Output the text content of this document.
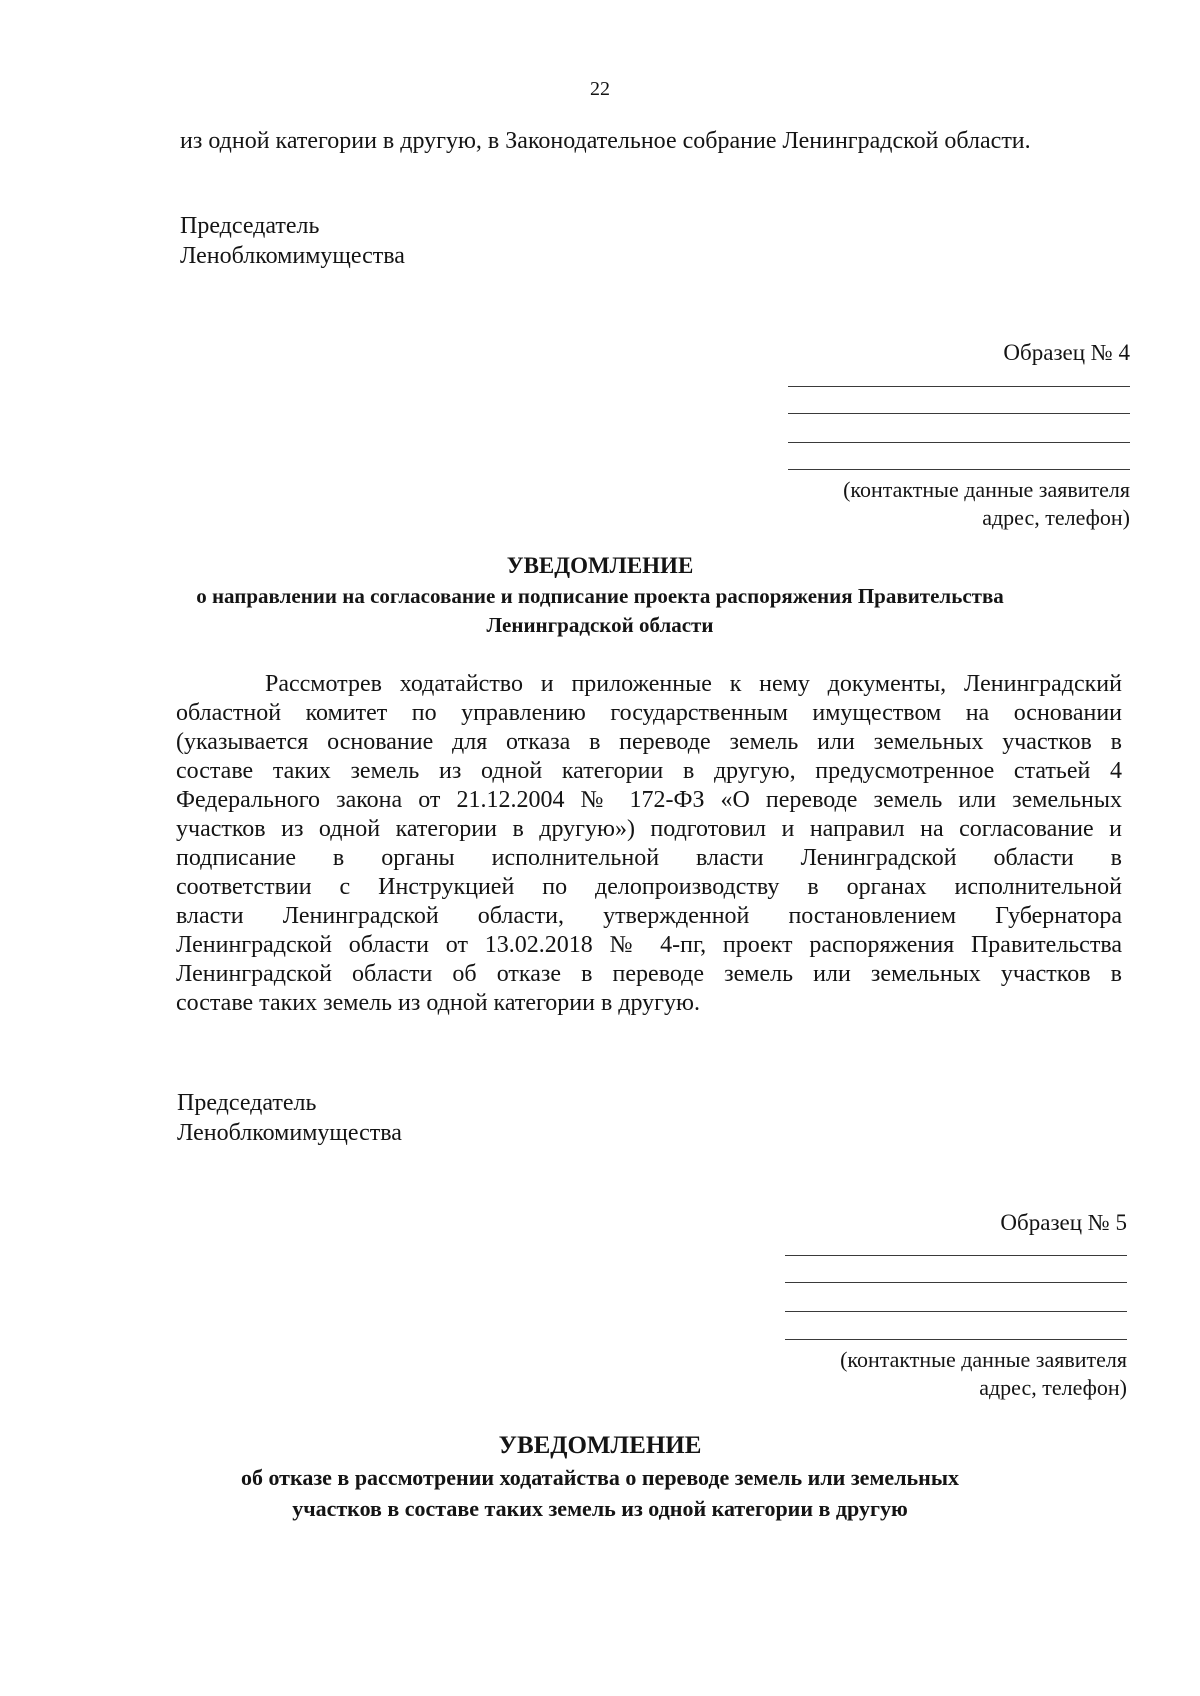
22
из одной категории в другую, в Законодательное собрание Ленинградской области.
Председатель
Леноблкомимущества
Образец № 4
(контактные данные заявителя
адрес, телефон)
УВЕДОМЛЕНИЕ
о направлении на согласование и подписание проекта распоряжения Правительства
Ленинградской области
Рассмотрев ходатайство и приложенные к нему документы, Ленинградский
областной комитет по управлению государственным имуществом на основании
(указывается основание для отказа в переводе земель или земельных участков в
составе таких земель из одной категории в другую, предусмотренное статьей 4
Федерального закона от 21.12.2004 № 172-ФЗ «О переводе земель или земельных
участков из одной категории в другую») подготовил и направил на согласование и
подписание в органы исполнительной власти Ленинградской области в
соответствии с Инструкцией по делопроизводству в органах исполнительной
власти Ленинградской области, утвержденной постановлением Губернатора
Ленинградской области от 13.02.2018 № 4-пг, проект распоряжения Правительства
Ленинградской области об отказе в переводе земель или земельных участков в
составе таких земель из одной категории в другую.
Председатель
Леноблкомимущества
Образец № 5
(контактные данные заявителя
адрес, телефон)
УВЕДОМЛЕНИЕ
об отказе в рассмотрении ходатайства о переводе земель или земельных
участков в составе таких земель из одной категории в другую
